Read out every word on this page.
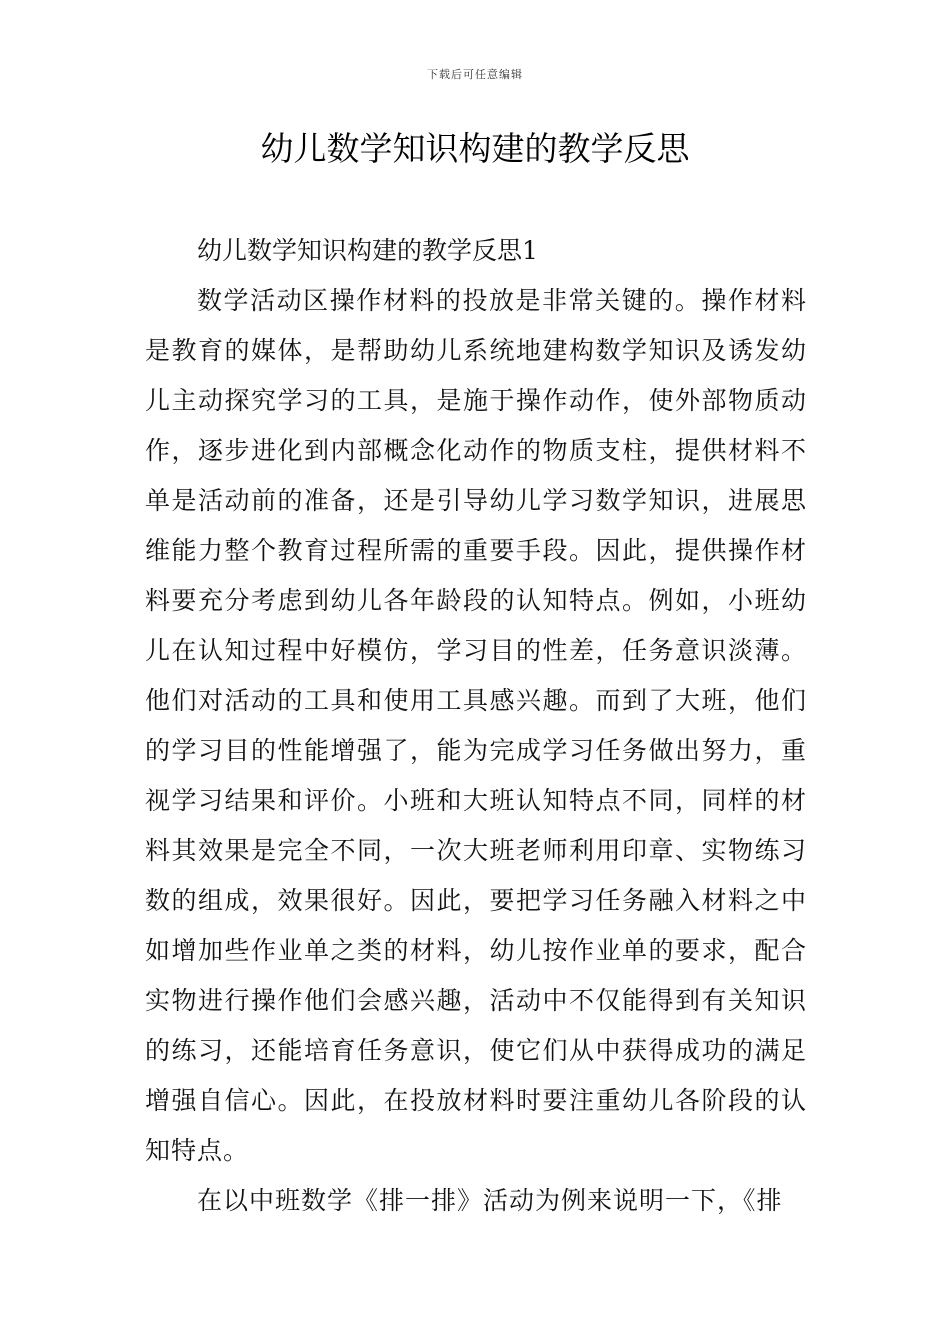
下载后可任意编辑
幼儿数学知识构建的教学反思
幼儿数学知识构建的教学反思1

数学活动区操作材料的投放是非常关键的。操作材料是教育的媒体，是帮助幼儿系统地建构数学知识及诱发幼儿主动探究学习的工具，是施于操作动作，使外部物质动作，逐步进化到内部概念化动作的物质支柱，提供材料不单是活动前的准备，还是引导幼儿学习数学知识，进展思维能力整个教育过程所需的重要手段。因此，提供操作材料要充分考虑到幼儿各年龄段的认知特点。例如，小班幼儿在认知过程中好模仿，学习目的性差，任务意识淡薄。他们对活动的工具和使用工具感兴趣。而到了大班，他们的学习目的性能增强了，能为完成学习任务做出努力，重视学习结果和评价。小班和大班认知特点不同，同样的材料其效果是完全不同，一次大班老师利用印章、实物练习数的组成，效果很好。因此，要把学习任务融入材料之中如增加些作业单之类的材料，幼儿按作业单的要求，配合实物进行操作他们会感兴趣，活动中不仅能得到有关知识的练习，还能培育任务意识，使它们从中获得成功的满足增强自信心。因此，在投放材料时要注重幼儿各阶段的认知特点。

在以中班数学《排一排》活动为例来说明一下，《排
